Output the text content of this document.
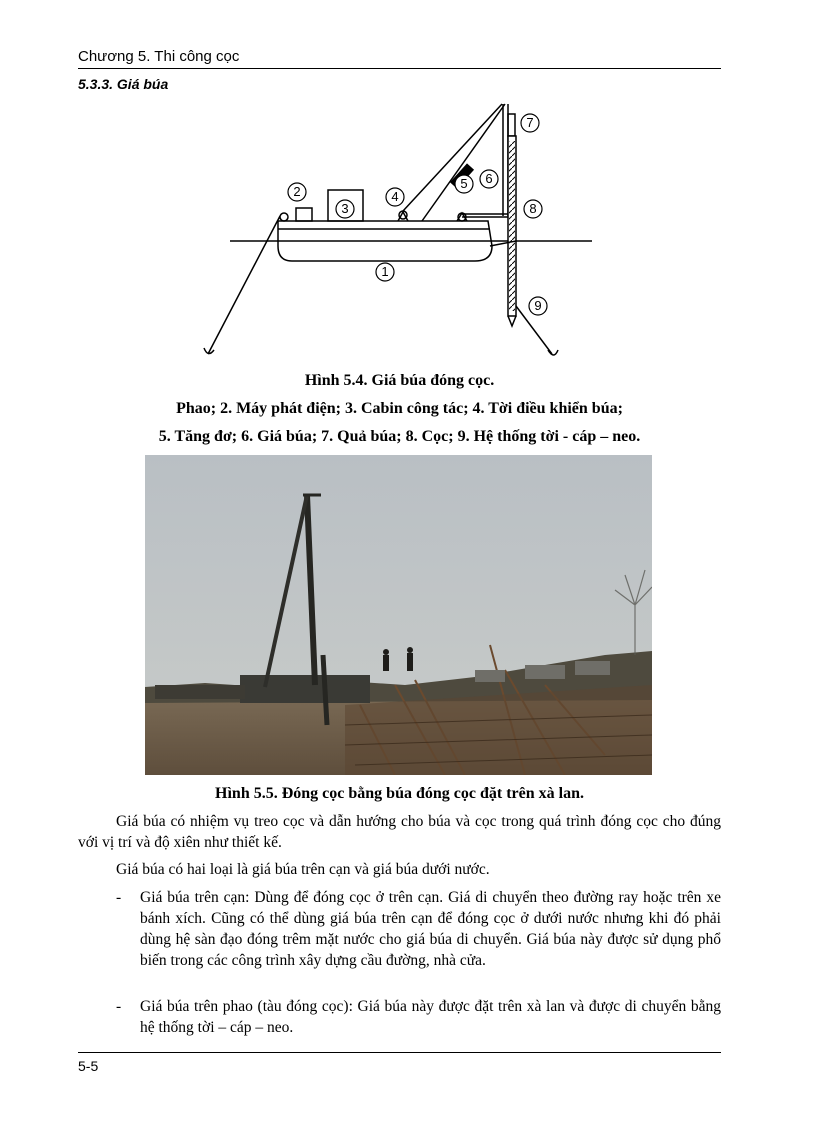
Chương 5. Thi công cọc
5.3.3. Giá búa
1
2
3
4
5 6
7
8
9
Hình 5.4. Giá búa đóng cọc.
Phao; 2. Máy phát điện; 3. Cabin công tác; 4. Tời điều khiển búa;
5. Tăng đơ; 6. Giá búa; 7. Quả búa; 8. Cọc; 9. Hệ thống tời - cáp – neo.
Hình 5.5. Đóng cọc bằng búa đóng cọc đặt trên xà lan.
Giá búa có nhiệm vụ treo cọc và dẫn hướng cho búa và cọc trong quá trình đóng cọc cho đúng với vị trí và độ xiên như thiết kế.
Giá búa có hai loại là giá búa trên cạn và giá búa dưới nước.
- Giá búa trên cạn: Dùng để đóng cọc ở trên cạn. Giá di chuyển theo đường ray hoặc trên xe bánh xích. Cũng có thể dùng giá búa trên cạn để đóng cọc ở dưới nước nhưng khi đó phải dùng hệ sàn đạo đóng trêm mặt nước cho giá búa di chuyển. Giá búa này được sử dụng phổ biến trong các công trình xây dựng cầu đường, nhà cửa.
- Giá búa trên phao (tàu đóng cọc): Giá búa này được đặt trên xà lan và được di chuyển bằng hệ thống tời – cáp – neo.
5-5
